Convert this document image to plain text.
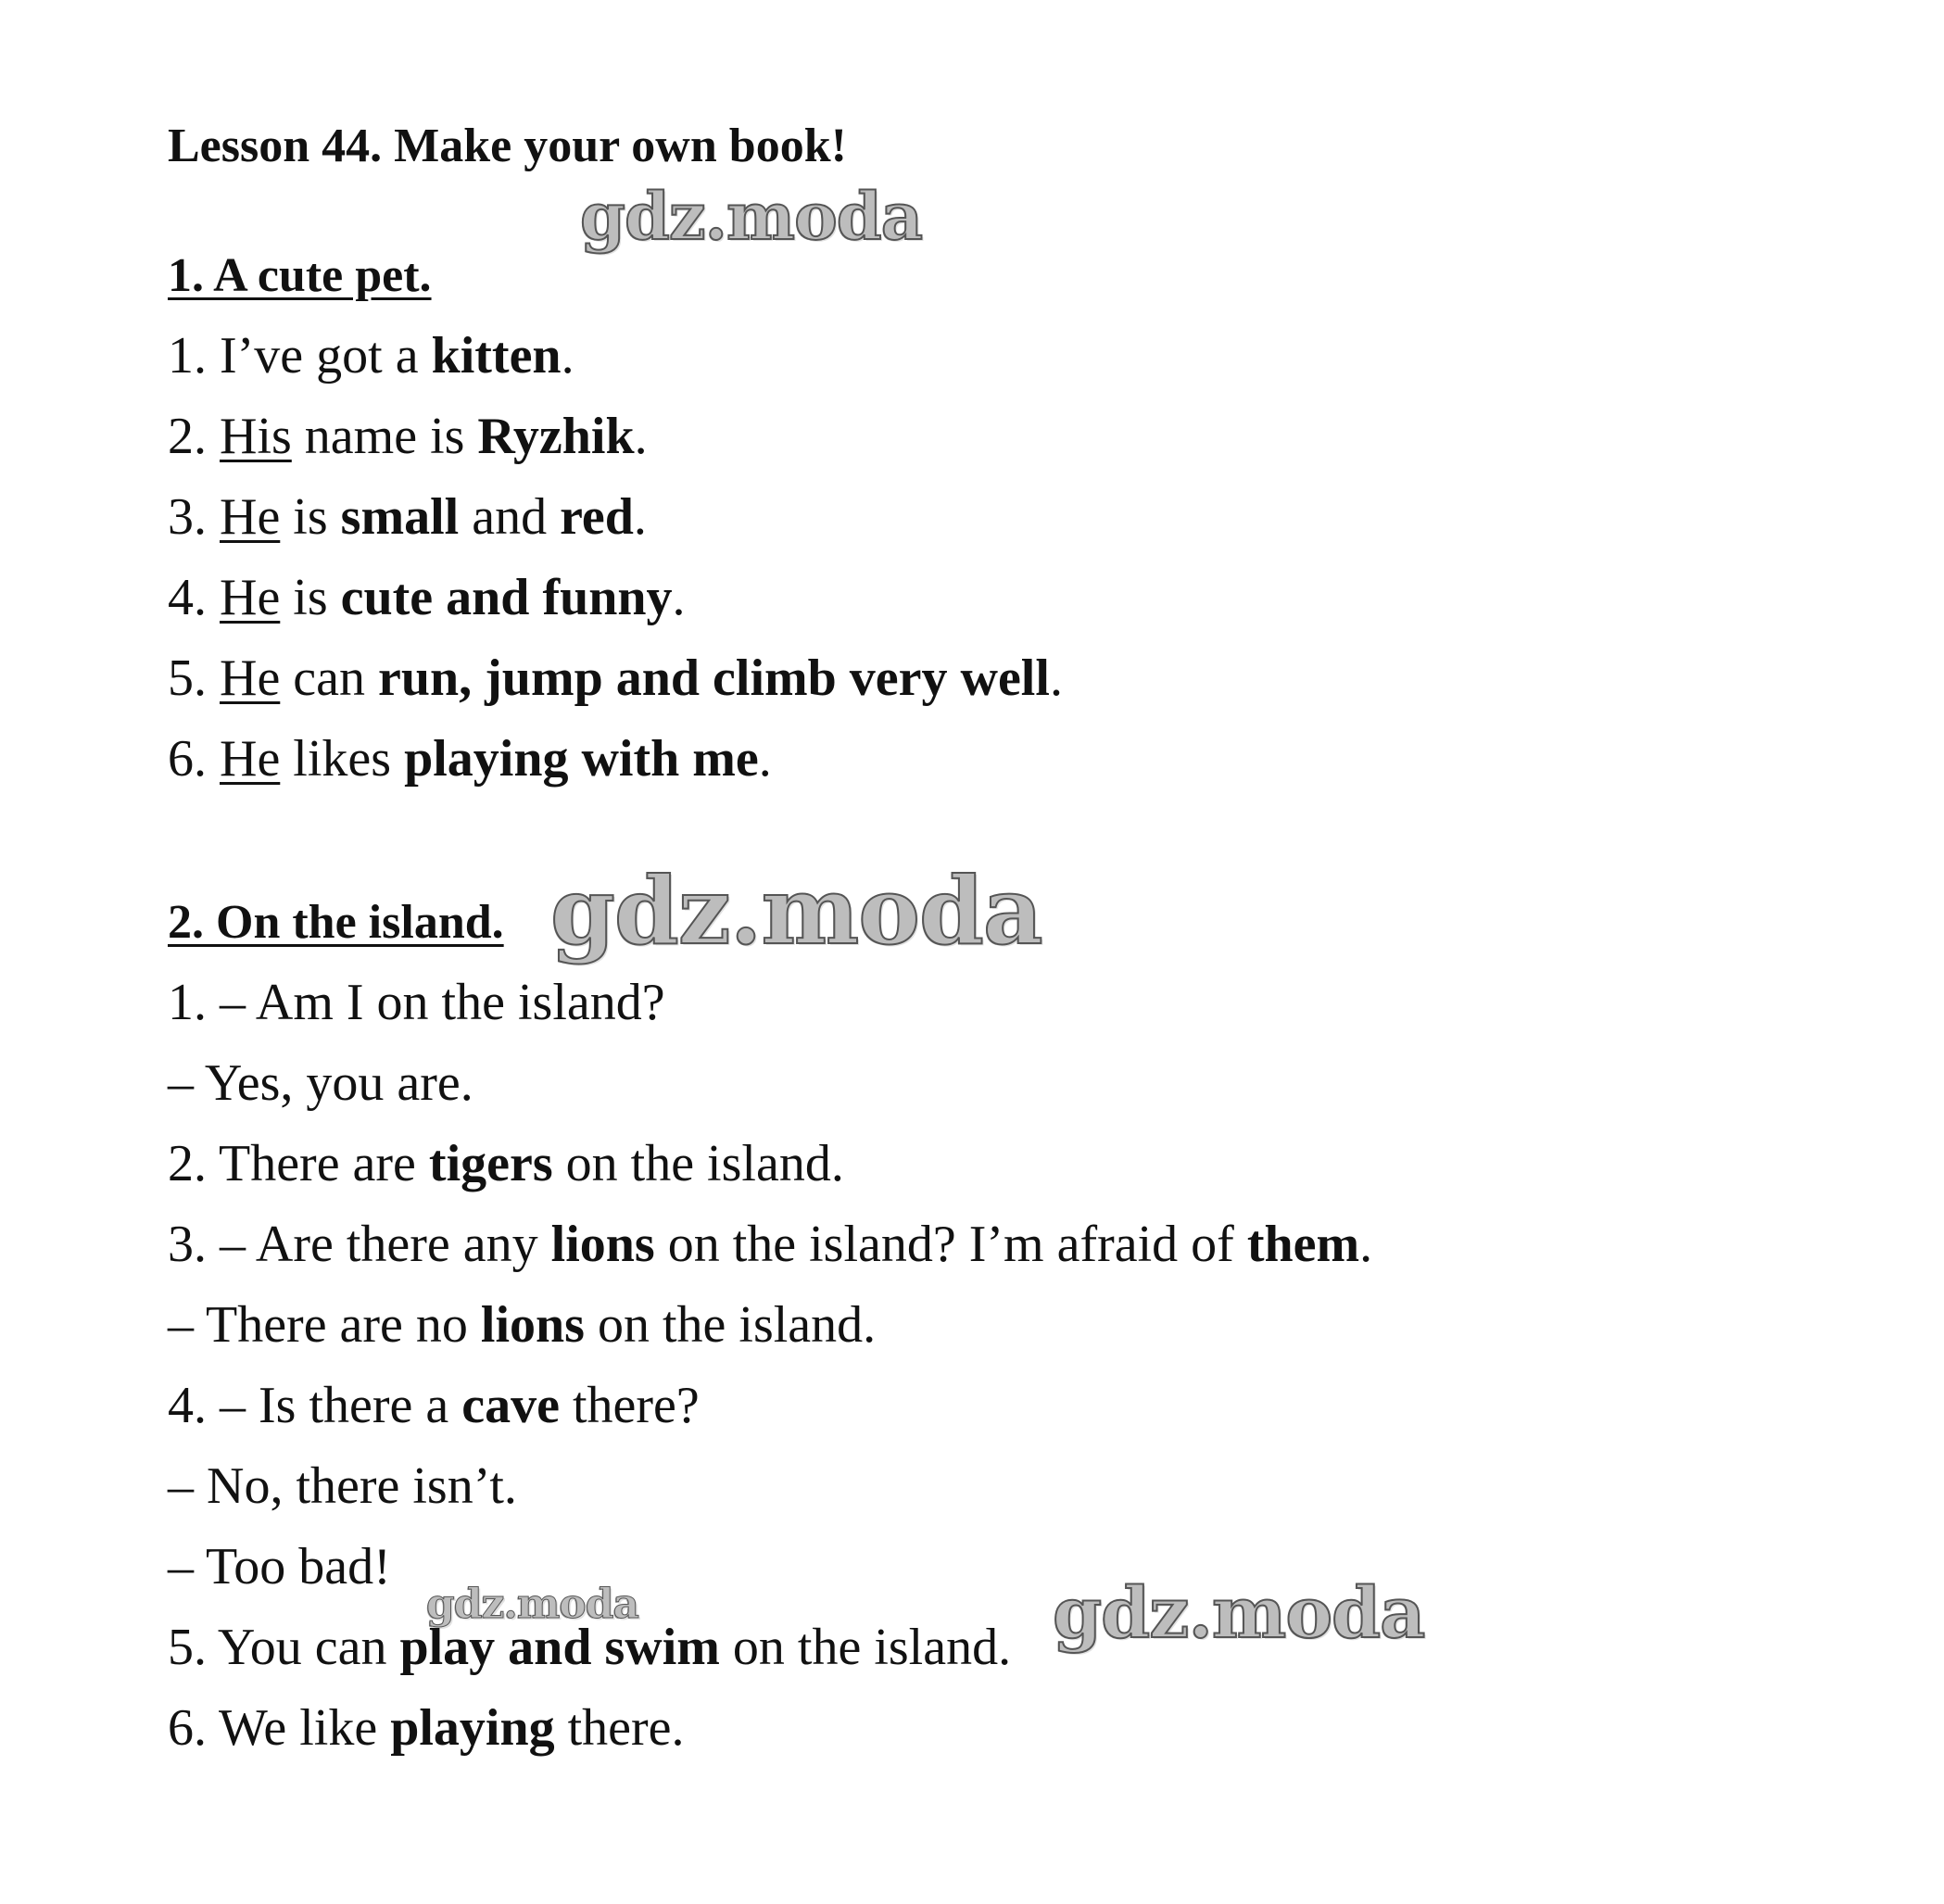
Lesson 44. Make your own book!
gdz.moda
1. A cute pet.
1. I’ve got a kitten.
2. His name is Ryzhik.
3. He is small and red.
4. He is cute and funny.
5. He can run, jump and climb very well.
6. He likes playing with me.
2. On the island. gdz.moda
1. – Am I on the island?
– Yes, you are.
2. There are tigers on the island.
3. – Are there any lions on the island? I’m afraid of them.
– There are no lions on the island.
4. – Is there a cave there?
– No, there isn’t.
– Too bad!
gdz.moda
5. You can play and swim on the island. gdz.moda
6. We like playing there.
